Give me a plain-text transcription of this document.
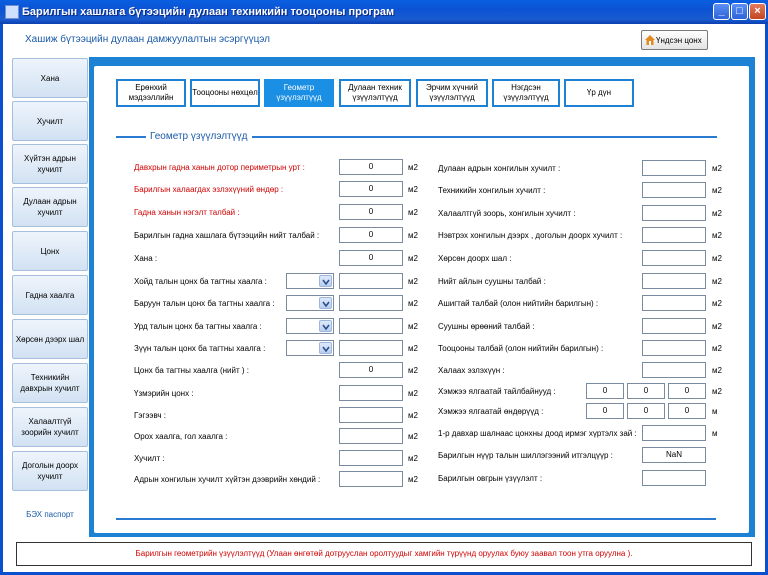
Барилгын хашлага бүтээцийн дулаан техникийн тооцооны програм	_	□	×
Хашиж бүтээцийн дулаан дамжуулалтын эсэргүүцэл	Үндсэн цонх
Хана
Хучилт
Хүйтэн адрын хучилт
Дулаан адрын хучилт
Цонх
Гадна хаалга
Хөрсөн дээрх шал
Техникийн давхрын хучилт
Халаалтгүй зоорийн хучилт
Доголын доорх хучилт
БЭХ паспорт
Ерөнхий мэдээллийн
Тооцооны нөхцөл
Геометр үзүүлэлтүүд
Дулаан техник үзүүлэлтүүд
Эрчим хүчний үзүүлэлтүүд
Нэгдсэн үзүүлэлтүүд
Үр дүн
Геометр үзүүлэлтүүд
Давхрын гадна ханын дотор периметрын урт :	0	м2
Барилгын халаагдах эзлэхүүний өндөр :	0	м2
Гадна ханын нэгэлт талбай :	0	м2
Барилгын гадна хашлага бүтээцийн нийт талбай :	0	м2
Хана :	0	м2
Хойд талын цонх ба тагтны хаалга :	м2
Баруун талын цонх ба тагтны хаалга :	м2
Урд талын цонх ба тагтны хаалга :	м2
Зүүн талын цонх ба тагтны хаалга :	м2
Цонх ба тагтны хаалга (нийт ) :	0	м2
Үзмэрийн цонх :	м2
Гэгээвч :	м2
Орох хаалга, гол хаалга :	м2
Хучилт :	м2
Адрын хонгилын хучилт хүйтэн дээврийн хөндий :	м2
Дулаан адрын хонгилын хучилт :	м2
Техникийн хонгилын хучилт :	м2
Халаалтгүй зоорь, хонгилын хучилт :	м2
Нэвтрэх хонгилын дээрх , доголын доорх хучилт :	м2
Хөрсөн доорх шал :	м2
Нийт айлын суушны талбай :	м2
Ашигтай талбай (олон нийтийн барилгын) :	м2
Суушны өрөөний талбай :	м2
Тооцооны талбай (олон нийтийн барилгын) :	м2
Халаах эзлэхүүн :	м2
Хэмжээ ялгаатай тайлбайнууд :	0	0	0	м2
Хэмжээ ялгаатай өндөрүүд :	0	0	0	м
1-р давхар шалнаас цонхны доод ирмэг хүртэлх зай :	м
Барилгын нүүр талын шиллэгээний итгэлцүүр :	NaN
Барилгын овгрын үзүүлэлт :
Барилгын геометрийн үзүүлэлтүүд (Улаан өнгөтөй дотрууслан оролтуудыг хамгийн түрүүнд оруулах буюу заавал тоон утга оруулна ).
